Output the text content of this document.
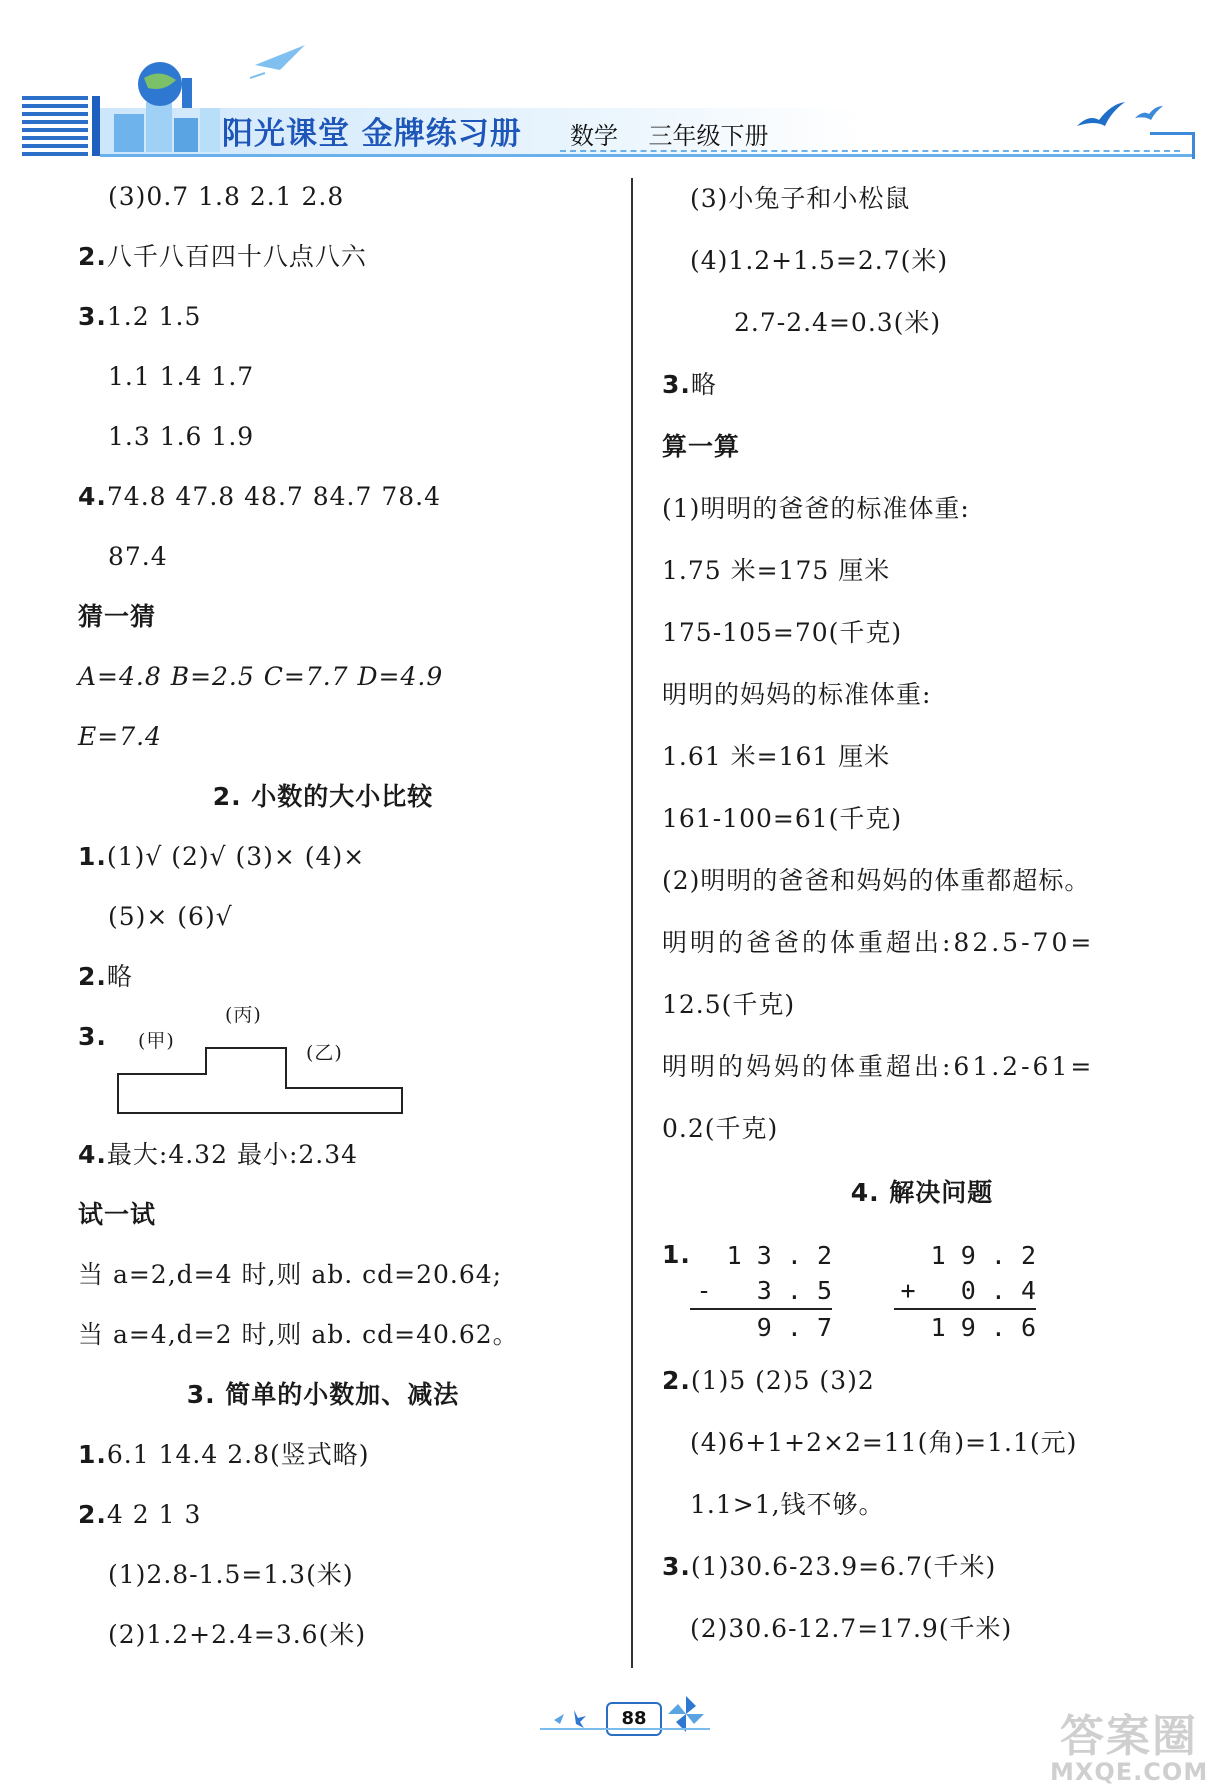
阳光课堂 金牌练习册 数学 三年级下册
(3)0.7 1.8 2.1 2.8
2.八千八百四十八点八六
3.1.2 1.5
1.1 1.4 1.7
1.3 1.6 1.9
4.74.8 47.8 48.7 84.7 78.4
87.4
猜一猜
A=4.8 B=2.5 C=7.7 D=4.9
E=7.4
2. 小数的大小比较
1.(1)√ (2)√ (3)× (4)×
(5)× (6)√
2.略
3. (甲)
(丙)
(乙)
4.最大:4.32 最小:2.34
试一试
当 a=2,d=4 时,则 ab. cd=20.64;
当 a=4,d=2 时,则 ab. cd=40.62。
3. 简单的小数加、减法
1.6.1 14.4 2.8(竖式略)
2.4 2 1 3
(1)2.8-1.5=1.3(米)
(2)1.2+2.4=3.6(米)
(3)小兔子和小松鼠
(4)1.2+1.5=2.7(米)
2.7-2.4=0.3(米)
3.略
算一算
(1)明明的爸爸的标准体重:
1.75 米=175 厘米
175-105=70(千克)
明明的妈妈的标准体重:
1.61 米=161 厘米
161-100=61(千克)
(2)明明的爸爸和妈妈的体重都超标。
明明的爸爸的体重超出:82.5-70=
12.5(千克)
明明的妈妈的体重超出:61.2-61=
0.2(千克)
4. 解决问题
1.	1 3 . 2
-   3 . 5
9 . 7
1 9 . 2
+   0 . 4
1 9 . 6
2.(1)5 (2)5 (3)2
(4)6+1+2×2=11(角)=1.1(元)
1.1>1,钱不够。
3.(1)30.6-23.9=6.7(千米)
(2)30.6-12.7=17.9(千米)
88	答案圈
MXQE.COM
